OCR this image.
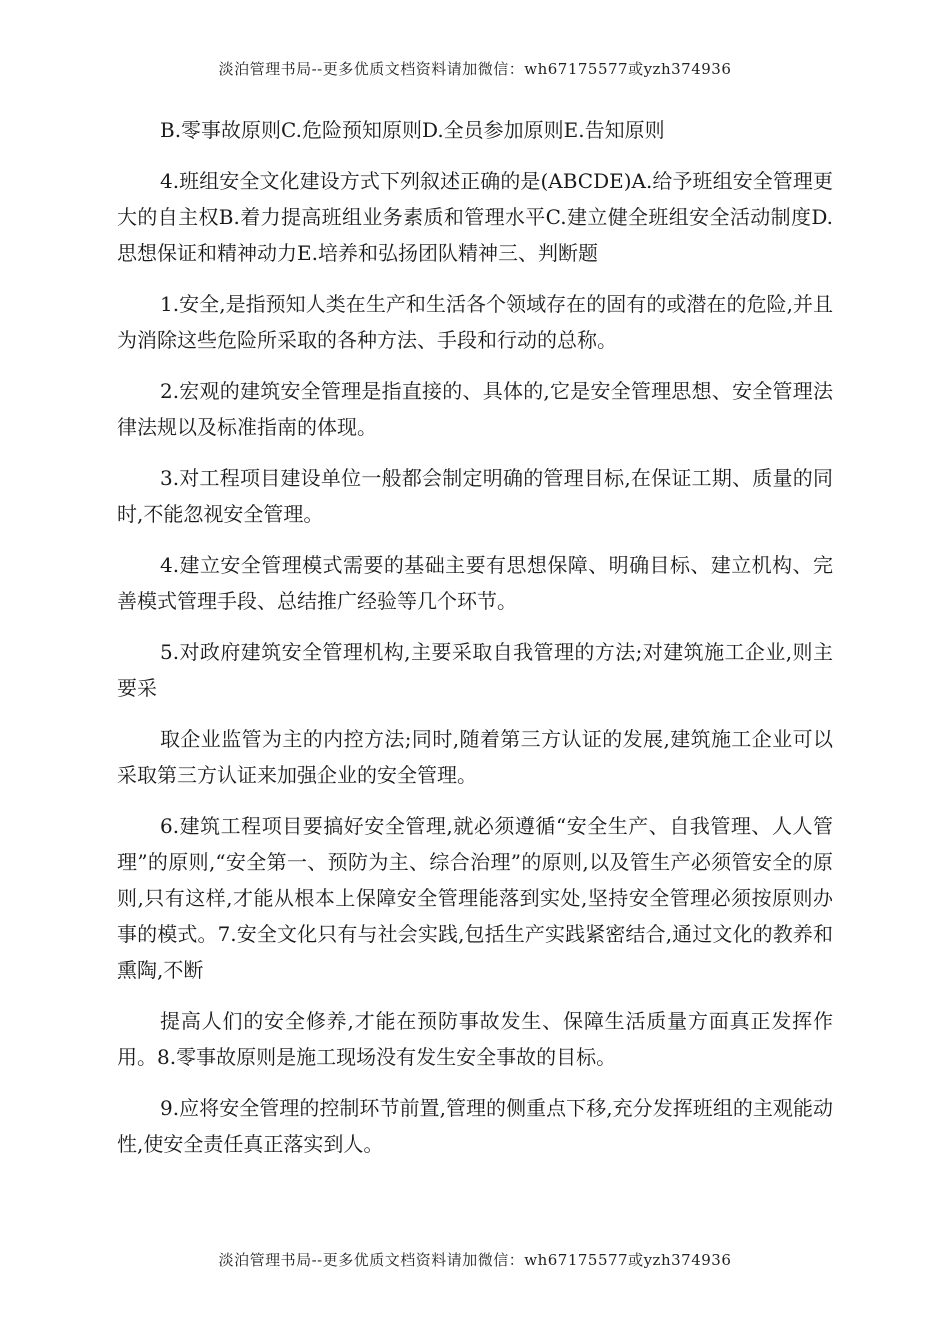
淡泊管理书局--更多优质文档资料请加微信：wh67175577或yzh374936

B.零事故原则C.危险预知原则D.全员参加原则E.告知原则

4.班组安全文化建设方式下列叙述正确的是(ABCDE)A.给予班组安全管理更大的自主权B.着力提高班组业务素质和管理水平C.建立健全班组安全活动制度D.思想保证和精神动力E.培养和弘扬团队精神三、判断题

1.安全,是指预知人类在生产和生活各个领域存在的固有的或潜在的危险,并且为消除这些危险所采取的各种方法、手段和行动的总称。

2.宏观的建筑安全管理是指直接的、具体的,它是安全管理思想、安全管理法律法规以及标准指南的体现。

3.对工程项目建设单位一般都会制定明确的管理目标,在保证工期、质量的同时,不能忽视安全管理。

4.建立安全管理模式需要的基础主要有思想保障、明确目标、建立机构、完善模式管理手段、总结推广经验等几个环节。

5.对政府建筑安全管理机构,主要采取自我管理的方法;对建筑施工企业,则主要采

取企业监管为主的内控方法;同时,随着第三方认证的发展,建筑施工企业可以采取第三方认证来加强企业的安全管理。

6.建筑工程项目要搞好安全管理,就必须遵循“安全生产、自我管理、人人管理”的原则,“安全第一、预防为主、综合治理”的原则,以及管生产必须管安全的原则,只有这样,才能从根本上保障安全管理能落到实处,坚持安全管理必须按原则办事的模式。7.安全文化只有与社会实践,包括生产实践紧密结合,通过文化的教养和熏陶,不断

提高人们的安全修养,才能在预防事故发生、保障生活质量方面真正发挥作用。8.零事故原则是施工现场没有发生安全事故的目标。

9.应将安全管理的控制环节前置,管理的侧重点下移,充分发挥班组的主观能动性,使安全责任真正落实到人。

淡泊管理书局--更多优质文档资料请加微信：wh67175577或yzh374936
